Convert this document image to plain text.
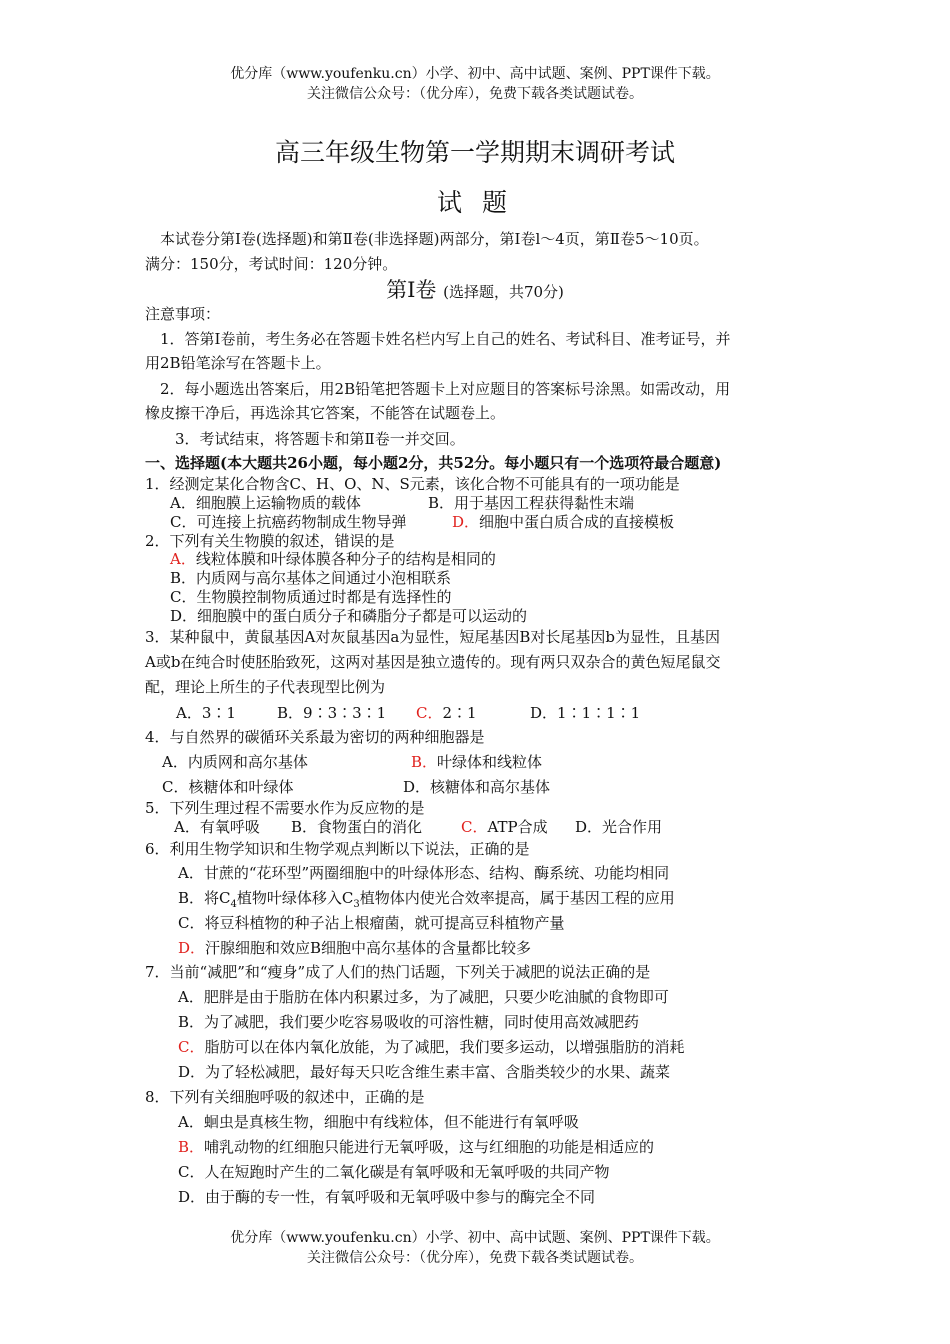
优分库（www.youfenku.cn）小学、初中、高中试题、案例、PPT课件下载。
关注微信公众号：（优分库），免费下载各类试题试卷。
高三年级生物第一学期期末调研考试
试 题
本试卷分第Ⅰ卷(选择题)和第Ⅱ卷(非选择题)两部分，第Ⅰ卷l～4页，第Ⅱ卷5～10页。
满分：150分，考试时间：120分钟。
第Ⅰ卷 (选择题，共70分)
注意事项：
1．答第Ⅰ卷前，考生务必在答题卡姓名栏内写上自己的姓名、考试科目、准考证号，并
用2B铅笔涂写在答题卡上。
2．每小题选出答案后，用2B铅笔把答题卡上对应题目的答案标号涂黑。如需改动，用
橡皮擦干净后，再选涂其它答案，不能答在试题卷上。
3．考试结束，将答题卡和第Ⅱ卷一并交回。
一、选择题(本大题共26小题，每小题2分，共52分。每小题只有一个选项符最合题意)
1．经测定某化合物含C、H、O、N、S元素，该化合物不可能具有的一项功能是
A．细胞膜上运输物质的载体	B．用于基因工程获得黏性末端
C．可连接上抗癌药物制成生物导弹	D．细胞中蛋白质合成的直接模板
2．下列有关生物膜的叙述，错误的是
A．线粒体膜和叶绿体膜各种分子的结构是相同的
B．内质网与高尔基体之间通过小泡相联系
C．生物膜控制物质通过时都是有选择性的
D．细胞膜中的蛋白质分子和磷脂分子都是可以运动的
3．某种鼠中，黄鼠基因A对灰鼠基因a为显性，短尾基因B对长尾基因b为显性，且基因
A或b在纯合时使胚胎致死，这两对基因是独立遗传的。现有两只双杂合的黄色短尾鼠交
配，理论上所生的子代表现型比例为
A．3∶1	B．9∶3∶3∶1 C．2∶1	D．1∶1∶1∶1
4．与自然界的碳循环关系最为密切的两种细胞器是
A．内质网和高尔基体	B．叶绿体和线粒体
C．核糖体和叶绿体	D．核糖体和高尔基体
5．下列生理过程不需要水作为反应物的是
A．有氧呼吸 B．食物蛋白的消化	C．ATP合成 D．光合作用
6．利用生物学知识和生物学观点判断以下说法，正确的是
A．甘蔗的“花环型”两圈细胞中的叶绿体形态、结构、酶系统、功能均相同
B．将$C_4$植物叶绿体移入$C_3$植物体内使光合效率提高，属于基因工程的应用
C．将豆科植物的种子沾上根瘤菌，就可提高豆科植物产量
D．汗腺细胞和效应B细胞中高尔基体的含量都比较多
7．当前“减肥”和“瘦身”成了人们的热门话题，下列关于减肥的说法正确的是
A．肥胖是由于脂肪在体内积累过多，为了减肥，只要少吃油腻的食物即可
B．为了减肥，我们要少吃容易吸收的可溶性糖，同时使用高效减肥药
C．脂肪可以在体内氧化放能，为了减肥，我们要多运动，以增强脂肪的消耗
D．为了轻松减肥，最好每天只吃含维生素丰富、含脂类较少的水果、蔬菜
8．下列有关细胞呼吸的叙述中，正确的是
A．蛔虫是真核生物，细胞中有线粒体，但不能进行有氧呼吸
B．哺乳动物的红细胞只能进行无氧呼吸，这与红细胞的功能是相适应的
C．人在短跑时产生的二氧化碳是有氧呼吸和无氧呼吸的共同产物
D．由于酶的专一性，有氧呼吸和无氧呼吸中参与的酶完全不同
优分库（www.youfenku.cn）小学、初中、高中试题、案例、PPT课件下载。
关注微信公众号：（优分库），免费下载各类试题试卷。
